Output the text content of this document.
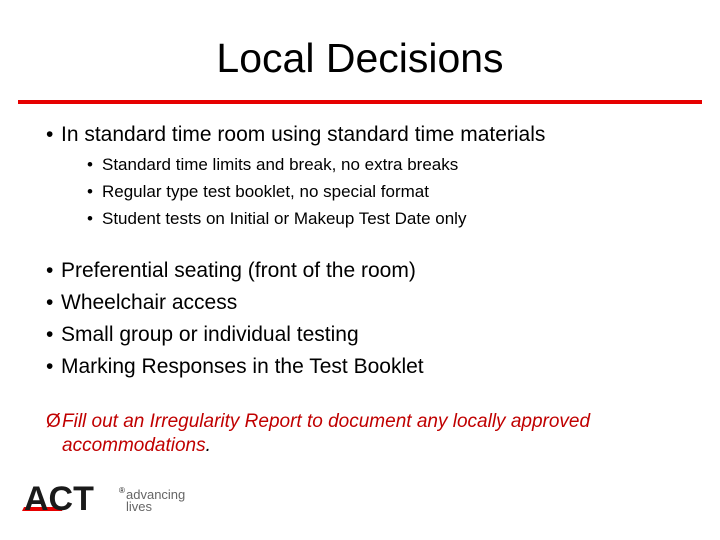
Local Decisions
• In standard time room using standard time materials
• Standard time limits and break, no extra breaks
• Regular type test booklet, no special format
• Student tests on Initial or Makeup Test Date only
• Preferential seating (front of the room)
• Wheelchair access
• Small group or individual testing
• Marking Responses in the Test Booklet
ØFill out an Irregularity Report to document any locally approved
accommodations.
ACT	® advancing
lives
